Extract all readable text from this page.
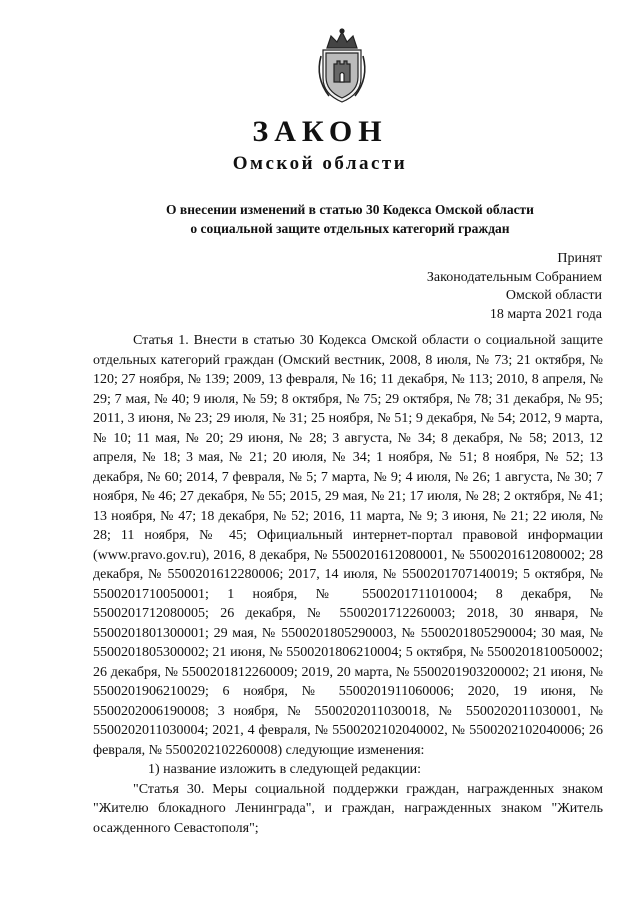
ЗАКОН
Омской области
О внесении изменений в статью 30 Кодекса Омской области
о социальной защите отдельных категорий граждан
Принят
Законодательным Собранием
Омской области
18 марта 2021 года

Статья 1. Внести в статью 30 Кодекса Омской области о социальной защите отдельных категорий граждан (Омский вестник, 2008, 8 июля, № 73; 21 октября, № 120; 27 ноября, № 139; 2009, 13 февраля, № 16; 11 декабря, № 113; 2010, 8 апреля, № 29; 7 мая, № 40; 9 июля, № 59; 8 октября, № 75; 29 октября, № 78; 31 декабря, № 95; 2011, 3 июня, № 23; 29 июля, № 31; 25 ноября, № 51; 9 декабря, № 54; 2012, 9 марта, № 10; 11 мая, № 20; 29 июня, № 28; 3 августа, № 34; 8 декабря, № 58; 2013, 12 апреля, № 18; 3 мая, № 21; 20 июля, № 34; 1 ноября, № 51; 8 ноября, № 52; 13 декабря, № 60; 2014, 7 февраля, № 5; 7 марта, № 9; 4 июля, № 26; 1 августа, № 30; 7 ноября, № 46; 27 декабря, № 55; 2015, 29 мая, № 21; 17 июля, № 28; 2 октября, № 41; 13 ноября, № 47; 18 декабря, № 52; 2016, 11 марта, № 9; 3 июня, № 21; 22 июля, № 28; 11 ноября, № 45; Официальный интернет-портал правовой информации (www.pravo.gov.ru), 2016, 8 декабря, № 5500201612080001, № 5500201612080002; 28 декабря, № 5500201612280006; 2017, 14 июля, № 5500201707140019; 5 октября, № 5500201710050001; 1 ноября, № 5500201711010004; 8 декабря, № 5500201712080005; 26 декабря, № 5500201712260003; 2018, 30 января, № 5500201801300001; 29 мая, № 5500201805290003, № 5500201805290004; 30 мая, № 5500201805300002; 21 июня, № 5500201806210004; 5 октября, № 5500201810050002; 26 декабря, № 5500201812260009; 2019, 20 марта, № 5500201903200002; 21 июня, № 5500201906210029; 6 ноября, № 5500201911060006; 2020, 19 июня, № 5500202006190008; 3 ноября, № 5500202011030018, № 5500202011030001, № 5500202011030004; 2021, 4 февраля, № 5500202102040002, № 5500202102040006; 26 февраля, № 5500202102260008) следующие изменения:

1) название изложить в следующей редакции:

"Статья 30. Меры социальной поддержки граждан, награжденных знаком "Жителю блокадного Ленинграда", и граждан, награжденных знаком "Житель осажденного Севастополя";
